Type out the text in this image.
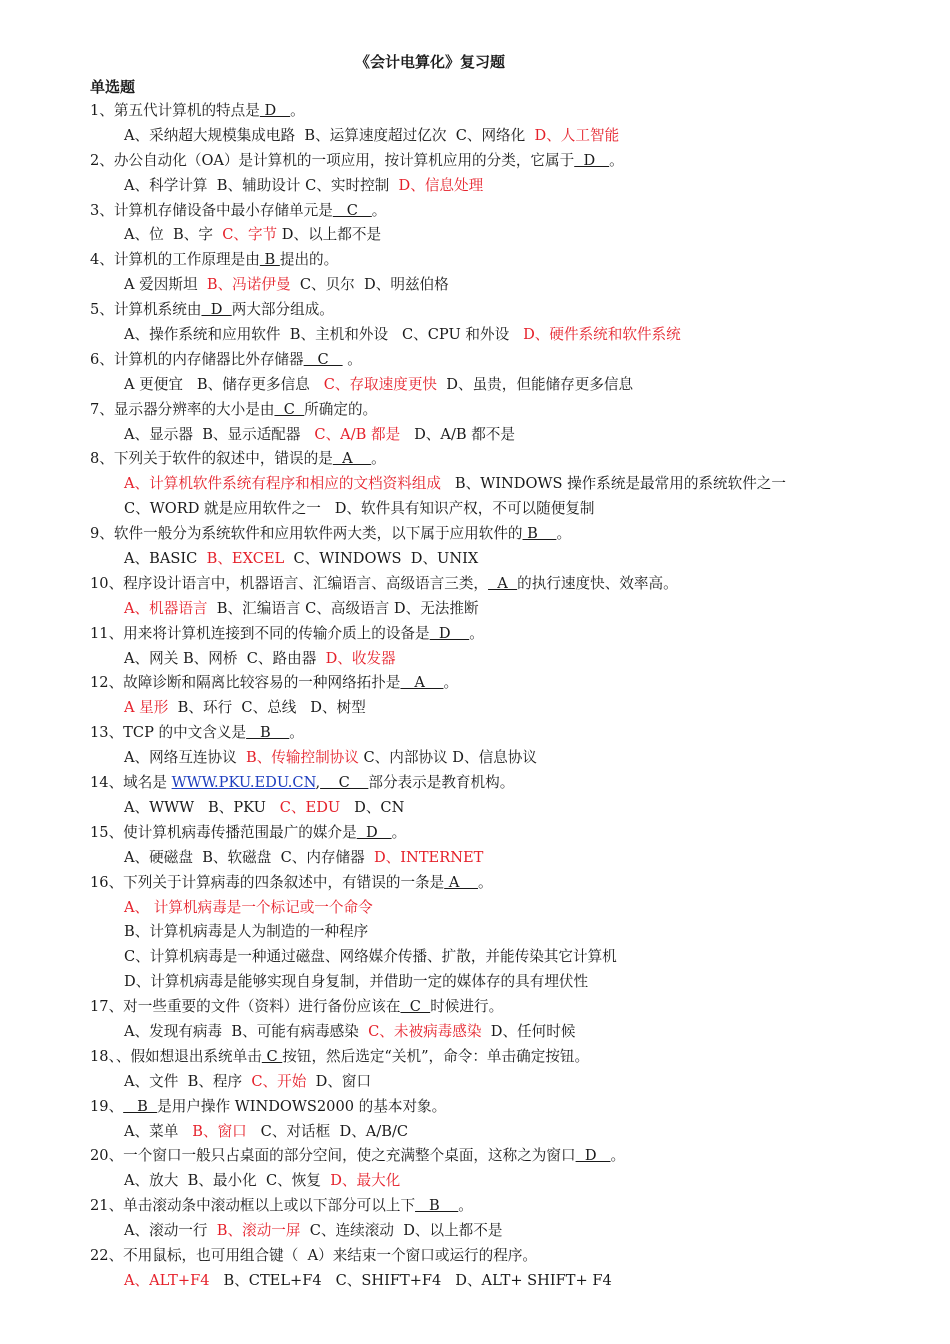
《会计电算化》复习题
单选题
1、第五代计算机的特点是 D   。
A、采纳超大规模集成电路  B、运算速度超过亿次  C、网络化  D、人工智能
2、办公自动化（OA）是计算机的一项应用，按计算机应用的分类，它属于  D   。
A、科学计算  B、辅助设计 C、实时控制  D、信息处理
3、计算机存储设备中最小存储单元是   C   。
A、位  B、字  C、字节 D、以上都不是
4、计算机的工作原理是由 B 提出的。
A 爱因斯坦  B、冯诺伊曼  C、贝尔  D、明兹伯格
5、计算机系统由  D  两大部分组成。
A、操作系统和应用软件  B、主机和外设   C、CPU 和外设   D、硬件系统和软件系统
6、计算机的内存储器比外存储器   C    。
A 更便宜   B、储存更多信息   C、存取速度更快  D、虽贵，但能储存更多信息
7、显示器分辨率的大小是由  C  所确定的。
A、显示器  B、显示适配器   C、A/B 都是   D、A/B 都不是
8、下列关于软件的叙述中，错误的是  A    。
A、计算机软件系统有程序和相应的文档资料组成   B、WINDOWS 操作系统是最常用的系统软件之一
C、WORD 就是应用软件之一   D、软件具有知识产权，不可以随便复制
9、软件一般分为系统软件和应用软件两大类，以下属于应用软件的 B    。
A、BASIC  B、EXCEL  C、WINDOWS  D、UNIX
10、程序设计语言中，机器语言、汇编语言、高级语言三类，  A  的执行速度快、效率高。
A、机器语言  B、汇编语言 C、高级语言 D、无法推断
11、用来将计算机连接到不同的传输介质上的设备是  D    。
A、网关 B、网桥  C、路由器  D、收发器
12、故障诊断和隔离比较容易的一种网络拓扑是   A    。
A 星形  B、环行  C、总线   D、树型
13、TCP 的中文含义是   B    。
A、网络互连协议  B、传输控制协议 C、内部协议 D、信息协议
14、域名是 WWW.PKU.EDU.CN,    C    部分表示是教育机构。
A、WWW   B、PKU   C、EDU   D、CN
15、使计算机病毒传播范围最广的媒介是  D   。
A、硬磁盘  B、软磁盘  C、内存储器  D、INTERNET
16、下列关于计算病毒的四条叙述中，有错误的一条是 A    。
A、 计算机病毒是一个标记或一个命令
B、计算机病毒是人为制造的一种程序
C、计算机病毒是一种通过磁盘、网络媒介传播、扩散，并能传染其它计算机
D、计算机病毒是能够实现自身复制，并借助一定的媒体存的具有埋伏性
17、对一些重要的文件（资料）进行备份应该在  C  时候进行。
A、发现有病毒  B、可能有病毒感染  C、未被病毒感染  D、任何时候
18、、假如想退出系统单击 C 按钮，然后选定“关机”，命令：单击确定按钮。
A、文件  B、程序  C、开始  D、窗口
19、   B  是用户操作 WINDOWS2000 的基本对象。
A、菜单   B、窗口   C、对话框  D、A/B/C
20、一个窗口一般只占桌面的部分空间，使之充满整个桌面，这称之为窗口  D   。
A、放大  B、最小化  C、恢复  D、最大化
21、单击滚动条中滚动框以上或以下部分可以上下   B    。
A、滚动一行  B、滚动一屏  C、连续滚动  D、以上都不是
22、不用鼠标，也可用组合键（  A）来结束一个窗口或运行的程序。
A、ALT+F4   B、CTEL+F4   C、SHIFT+F4   D、ALT+ SHIFT+ F4
